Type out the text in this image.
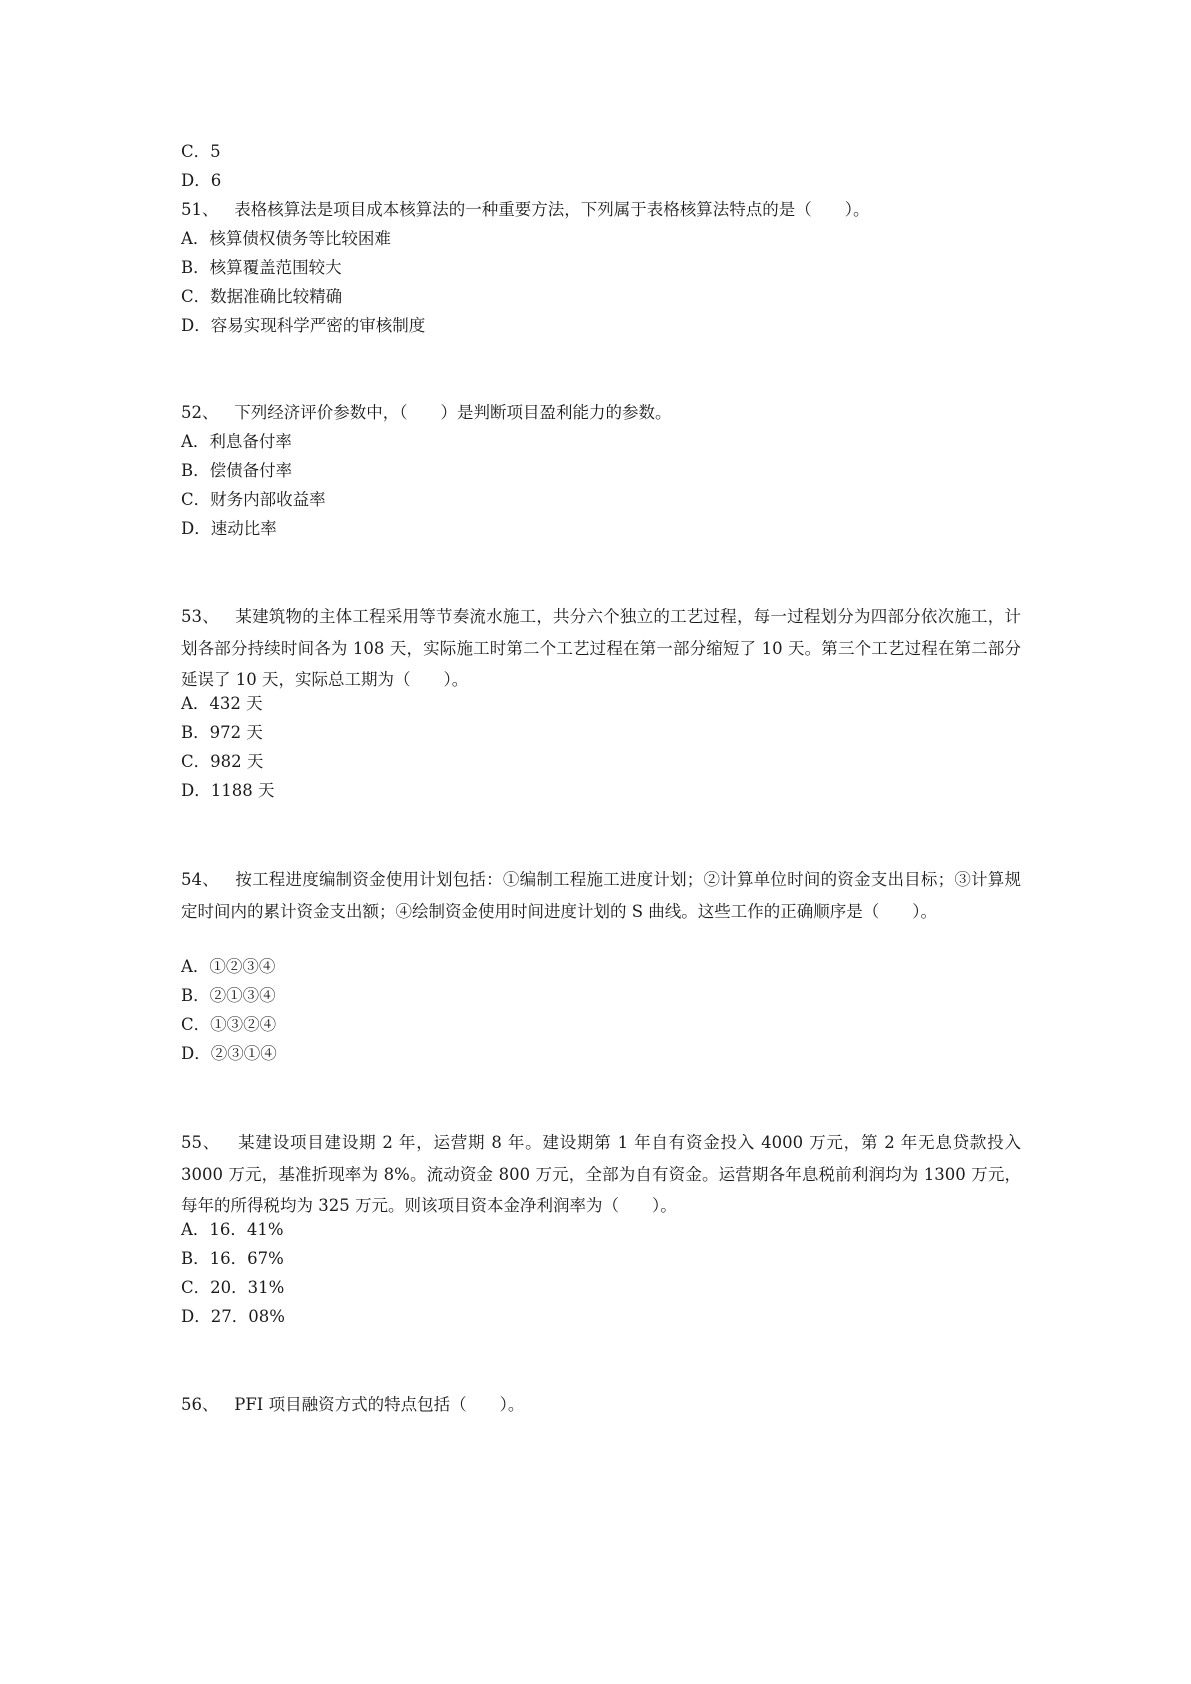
C．5
D．6
51、 表格核算法是项目成本核算法的一种重要方法，下列属于表格核算法特点的是（　　）。
A．核算债权债务等比较困难
B．核算覆盖范围较大
C．数据准确比较精确
D．容易实现科学严密的审核制度
52、 下列经济评价参数中，（　　）是判断项目盈利能力的参数。
A．利息备付率
B．偿债备付率
C．财务内部收益率
D．速动比率
53、 某建筑物的主体工程采用等节奏流水施工，共分六个独立的工艺过程，每一过程划分为四部分依次施工，计划各部分持续时间各为 108 天，实际施工时第二个工艺过程在第一部分缩短了 10 天。第三个工艺过程在第二部分延误了 10 天，实际总工期为（　　）。
A．432 天
B．972 天
C．982 天
D．1188 天
54、 按工程进度编制资金使用计划包括：①编制工程施工进度计划；②计算单位时间的资金支出目标；③计算规定时间内的累计资金支出额；④绘制资金使用时间进度计划的 S 曲线。这些工作的正确顺序是（　　）。
A．①②③④
B．②①③④
C．①③②④
D．②③①④
55、 某建设项目建设期 2 年，运营期 8 年。建设期第 1 年自有资金投入 4000 万元，第 2 年无息贷款投入 3000 万元，基准折现率为 8%。流动资金 800 万元，全部为自有资金。运营期各年息税前利润均为 1300 万元，每年的所得税均为 325 万元。则该项目资本金净利润率为（　　）。
A．16．41%
B．16．67%
C．20．31%
D．27．08%
56、 PFI 项目融资方式的特点包括（　　）。
